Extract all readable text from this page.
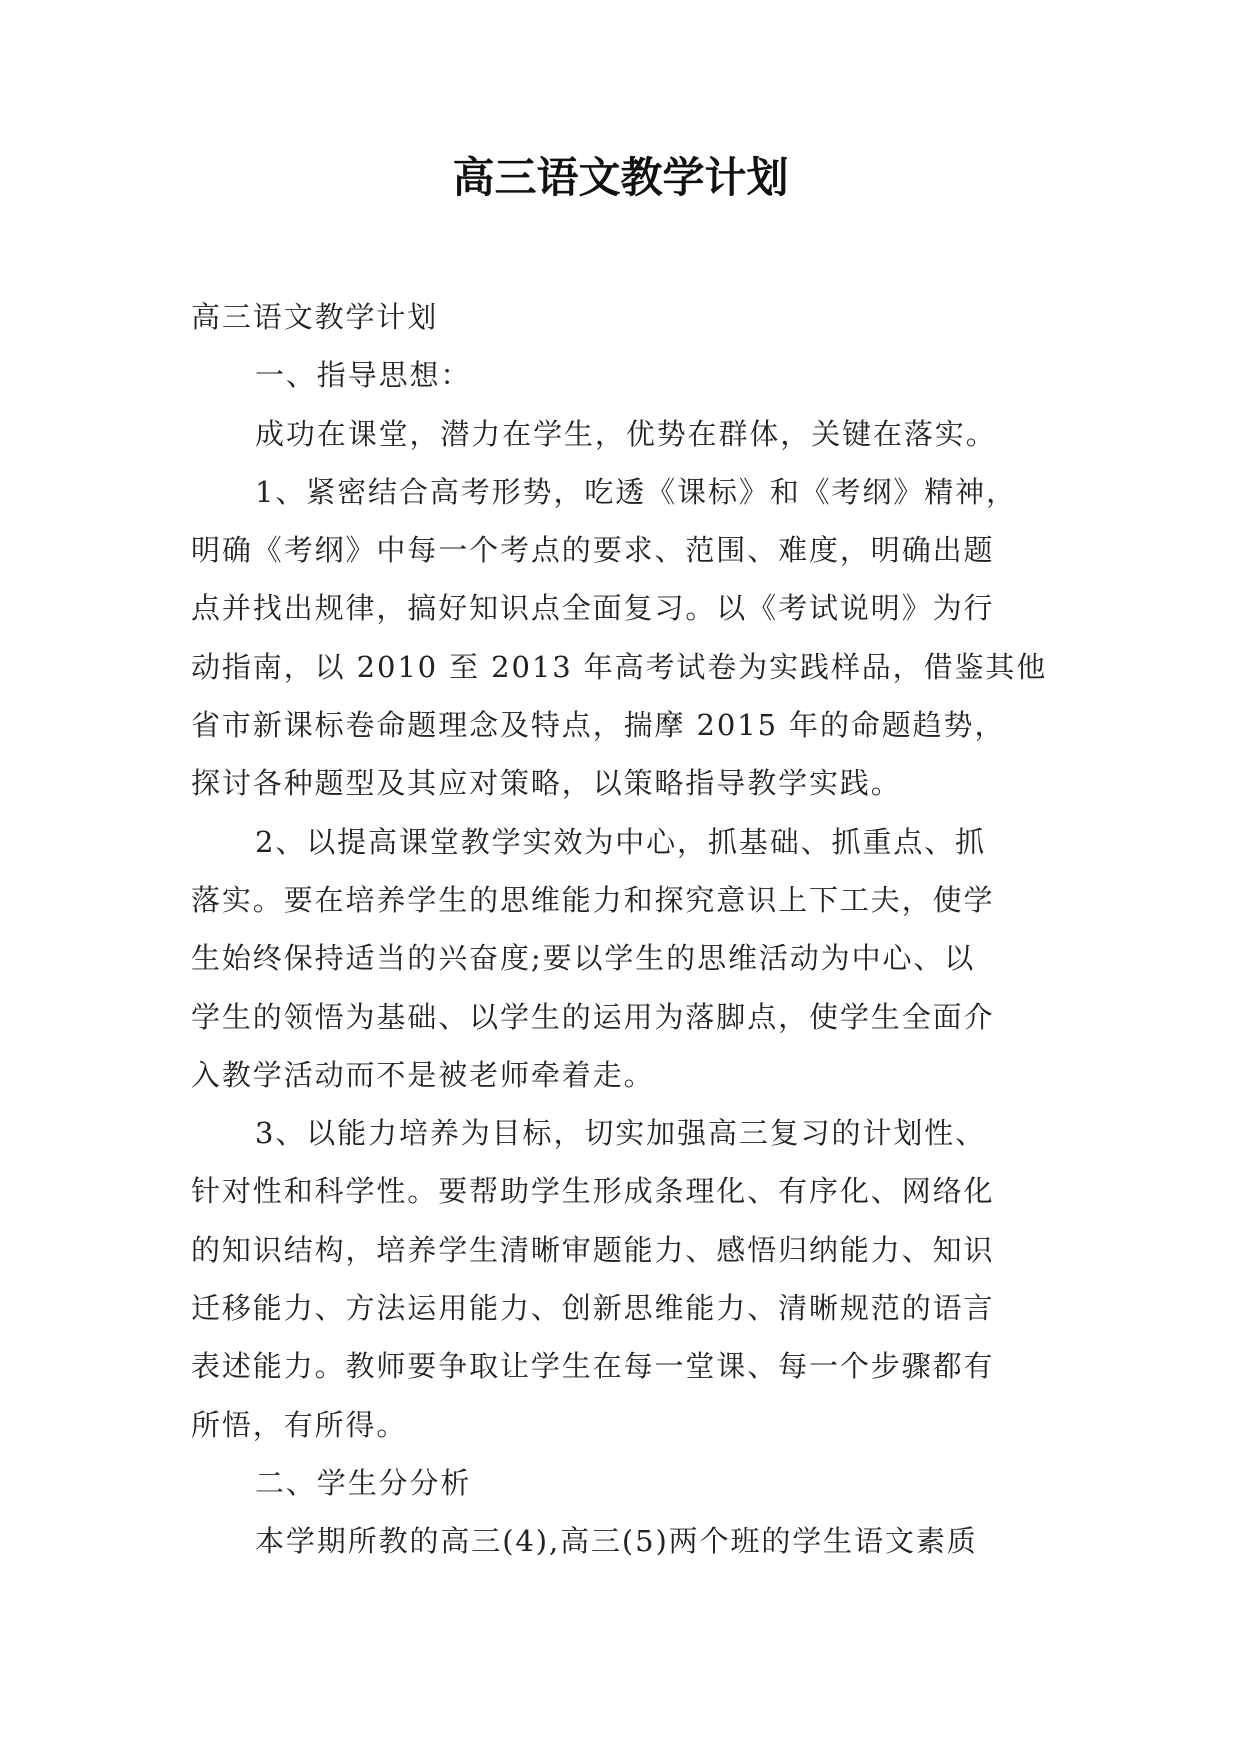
高三语文教学计划
高三语文教学计划
一、指导思想：
成功在课堂，潜力在学生，优势在群体，关键在落实。
1、紧密结合高考形势，吃透《课标》和《考纲》精神，
明确《考纲》中每一个考点的要求、范围、难度，明确出题
点并找出规律，搞好知识点全面复习。以《考试说明》为行
动指南，以 2010 至 2013 年高考试卷为实践样品，借鉴其他
省市新课标卷命题理念及特点，揣摩 2015 年的命题趋势，
探讨各种题型及其应对策略，以策略指导教学实践。
2、以提高课堂教学实效为中心，抓基础、抓重点、抓
落实。要在培养学生的思维能力和探究意识上下工夫，使学
生始终保持适当的兴奋度;要以学生的思维活动为中心、以
学生的领悟为基础、以学生的运用为落脚点，使学生全面介
入教学活动而不是被老师牵着走。
3、以能力培养为目标，切实加强高三复习的计划性、
针对性和科学性。要帮助学生形成条理化、有序化、网络化
的知识结构，培养学生清晰审题能力、感悟归纳能力、知识
迁移能力、方法运用能力、创新思维能力、清晰规范的语言
表述能力。教师要争取让学生在每一堂课、每一个步骤都有
所悟，有所得。
二、学生分分析
本学期所教的高三(4),高三(5)两个班的学生语文素质
